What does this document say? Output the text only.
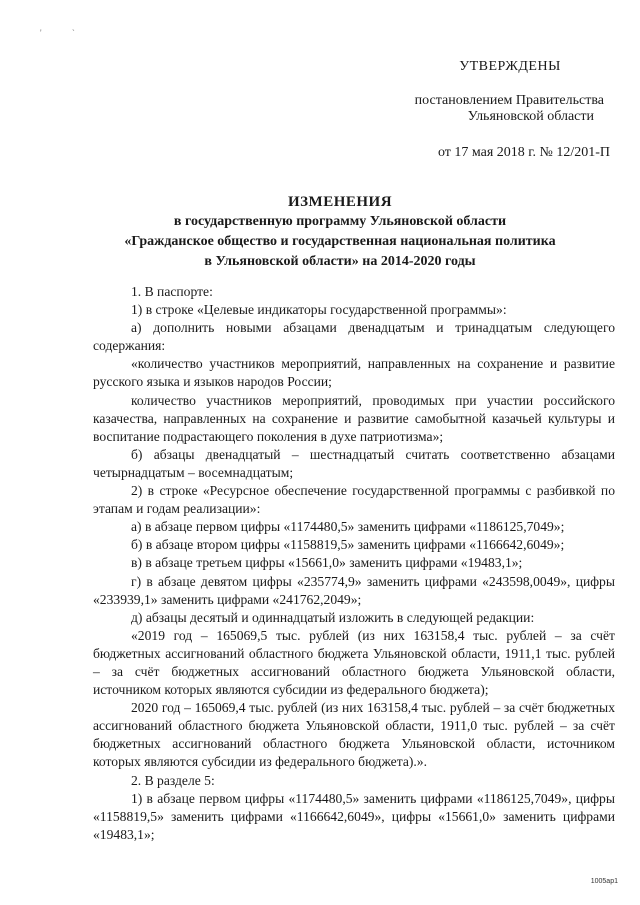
' `
УТВЕРЖДЕНЫ
постановлением Правительства
Ульяновской области
от 17 мая 2018 г. № 12/201-П
ИЗМЕНЕНИЯ
в государственную программу Ульяновской области
«Гражданское общество и государственная национальная политика
в Ульяновской области» на 2014-2020 годы

1. В паспорте:

1) в строке «Целевые индикаторы государственной программы»:

а) дополнить новыми абзацами двенадцатым и тринадцатым следующего содержания:

«количество участников мероприятий, направленных на сохранение и развитие русского языка и языков народов России;

количество участников мероприятий, проводимых при участии российского казачества, направленных на сохранение и развитие самобытной казачьей культуры и воспитание подрастающего поколения в духе патриотизма»;

б) абзацы двенадцатый – шестнадцатый считать соответственно абзацами четырнадцатым – восемнадцатым;

2) в строке «Ресурсное обеспечение государственной программы с разбивкой по этапам и годам реализации»:

а) в абзаце первом цифры «1174480,5» заменить цифрами «1186125,7049»;

б) в абзаце втором цифры «1158819,5» заменить цифрами «1166642,6049»;

в) в абзаце третьем цифры «15661,0» заменить цифрами «19483,1»;

г) в абзаце девятом цифры «235774,9» заменить цифрами «243598,0049», цифры «233939,1» заменить цифрами «241762,2049»;

д) абзацы десятый и одиннадцатый изложить в следующей редакции:

«2019 год – 165069,5 тыс. рублей (из них 163158,4 тыс. рублей – за счёт бюджетных ассигнований областного бюджета Ульяновской области, 1911,1 тыс. рублей – за счёт бюджетных ассигнований областного бюджета Ульяновской области, источником которых являются субсидии из федерального бюджета);

2020 год – 165069,4 тыс. рублей (из них 163158,4 тыс. рублей – за счёт бюджетных ассигнований областного бюджета Ульяновской области, 1911,0 тыс. рублей – за счёт бюджетных ассигнований областного бюджета Ульяновской области, источником которых являются субсидии из федерального бюджета).».

2. В разделе 5:

1) в абзаце первом цифры «1174480,5» заменить цифрами «1186125,7049», цифры «1158819,5» заменить цифрами «1166642,6049», цифры «15661,0» заменить цифрами «19483,1»;

1005ap1
